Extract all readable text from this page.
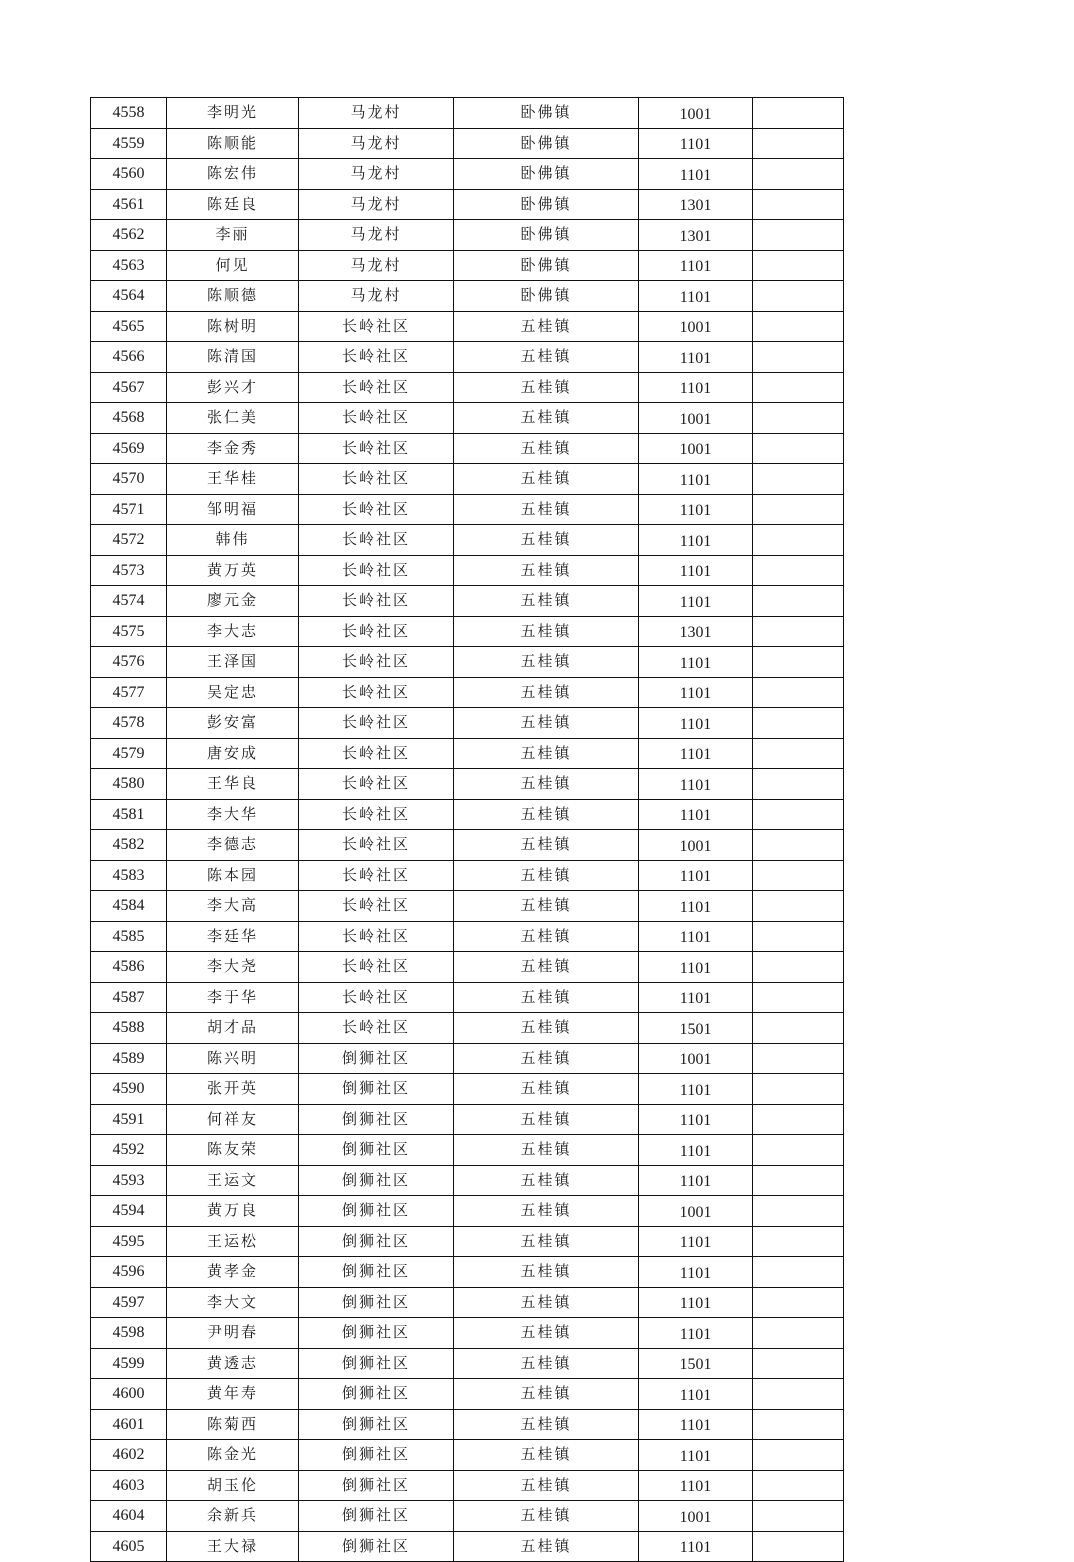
4558	李明光	马龙村	卧佛镇	1001	
4559	陈顺能	马龙村	卧佛镇	1101	
4560	陈宏伟	马龙村	卧佛镇	1101	
4561	陈廷良	马龙村	卧佛镇	1301	
4562	李丽	马龙村	卧佛镇	1301	
4563	何见	马龙村	卧佛镇	1101	
4564	陈顺德	马龙村	卧佛镇	1101	
4565	陈树明	长岭社区	五桂镇	1001	
4566	陈清国	长岭社区	五桂镇	1101	
4567	彭兴才	长岭社区	五桂镇	1101	
4568	张仁美	长岭社区	五桂镇	1001	
4569	李金秀	长岭社区	五桂镇	1001	
4570	王华桂	长岭社区	五桂镇	1101	
4571	邹明福	长岭社区	五桂镇	1101	
4572	韩伟	长岭社区	五桂镇	1101	
4573	黄万英	长岭社区	五桂镇	1101	
4574	廖元金	长岭社区	五桂镇	1101	
4575	李大志	长岭社区	五桂镇	1301	
4576	王泽国	长岭社区	五桂镇	1101	
4577	吴定忠	长岭社区	五桂镇	1101	
4578	彭安富	长岭社区	五桂镇	1101	
4579	唐安成	长岭社区	五桂镇	1101	
4580	王华良	长岭社区	五桂镇	1101	
4581	李大华	长岭社区	五桂镇	1101	
4582	李德志	长岭社区	五桂镇	1001	
4583	陈本园	长岭社区	五桂镇	1101	
4584	李大高	长岭社区	五桂镇	1101	
4585	李廷华	长岭社区	五桂镇	1101	
4586	李大尧	长岭社区	五桂镇	1101	
4587	李于华	长岭社区	五桂镇	1101	
4588	胡才品	长岭社区	五桂镇	1501	
4589	陈兴明	倒狮社区	五桂镇	1001	
4590	张开英	倒狮社区	五桂镇	1101	
4591	何祥友	倒狮社区	五桂镇	1101	
4592	陈友荣	倒狮社区	五桂镇	1101	
4593	王运文	倒狮社区	五桂镇	1101	
4594	黄万良	倒狮社区	五桂镇	1001	
4595	王运松	倒狮社区	五桂镇	1101	
4596	黄孝金	倒狮社区	五桂镇	1101	
4597	李大文	倒狮社区	五桂镇	1101	
4598	尹明春	倒狮社区	五桂镇	1101	
4599	黄透志	倒狮社区	五桂镇	1501	
4600	黄年寿	倒狮社区	五桂镇	1101	
4601	陈菊西	倒狮社区	五桂镇	1101	
4602	陈金光	倒狮社区	五桂镇	1101	
4603	胡玉伦	倒狮社区	五桂镇	1101	
4604	余新兵	倒狮社区	五桂镇	1001	
4605	王大禄	倒狮社区	五桂镇	1101	
